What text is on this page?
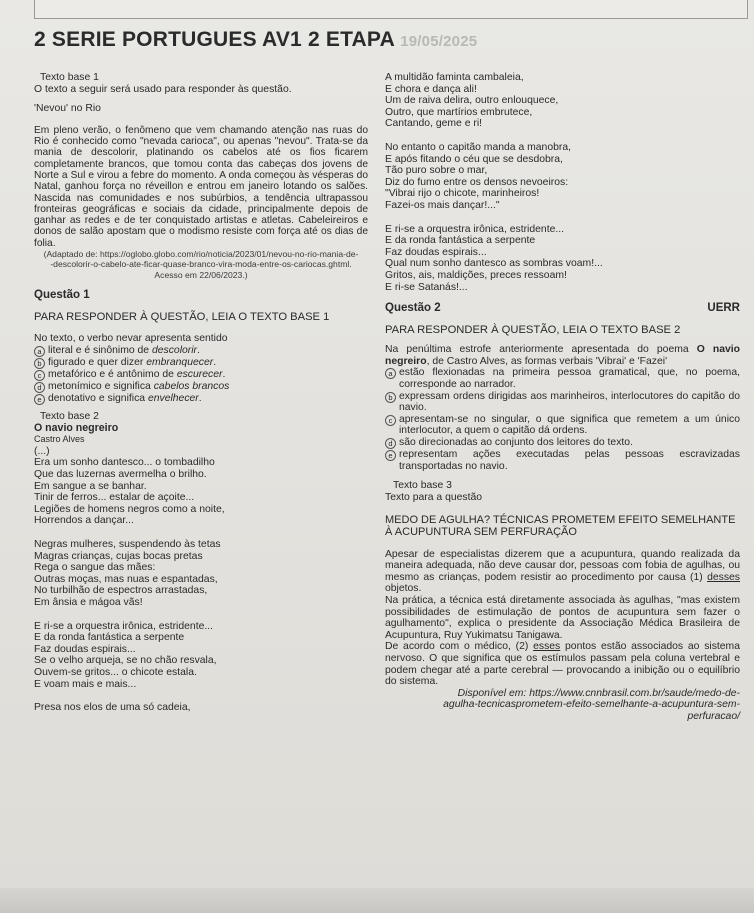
2 SERIE PORTUGUES AV1 2 ETAPA 19/05/2025

Texto base 1

O texto a seguir será usado para responder às questão.

'Nevou' no Rio

Em pleno verão, o fenômeno que vem chamando atenção nas ruas do Rio é conhecido como "nevada carioca", ou apenas "nevou". Trata-se da mania de descolorir, platinando os cabelos até os fios ficarem completamente brancos, que tomou conta das cabeças dos jovens de Norte a Sul e virou a febre do momento. A onda começou às vésperas do Natal, ganhou força no réveillon e entrou em janeiro lotando os salões. Nascida nas comunidades e nos subúrbios, a tendência ultrapassou fronteiras geográficas e sociais da cidade, principalmente depois de ganhar as redes e de ter conquistado artistas e atletas. Cabeleireiros e donos de salão apostam que o modismo resiste com força até os dias de folia.

(Adaptado de: https://oglobo.globo.com/rio/noticia/2023/01/nevou-no-rio-mania-de- -descolorir-o-cabelo-ate-ficar-quase-branco-vira-moda-entre-os-cariocas.ghtml. Acesso em 22/06/2023.)

Questão 1

PARA RESPONDER À QUESTÃO, LEIA O TEXTO BASE 1

No texto, o verbo nevar apresenta sentido

a literal e é sinônimo de descolorir.
b figurado e quer dizer embranquecer.
c metafórico e é antônimo de escurecer.
d metonímico e significa cabelos brancos
e denotativo e significa envelhecer.

Texto base 2

O navio negreiro

Castro Alves

(...)

Era um sonho dantesco... o tombadilho

Que das luzernas avermelha o brilho.

Em sangue a se banhar.

Tinir de ferros... estalar de açoite...

Legiões de homens negros como a noite,

Horrendos a dançar...

Negras mulheres, suspendendo às tetas

Magras crianças, cujas bocas pretas

Rega o sangue das mães:

Outras moças, mas nuas e espantadas,

No turbilhão de espectros arrastadas,

Em ânsia e mágoa vãs!

E ri-se a orquestra irônica, estridente...

E da ronda fantástica a serpente

Faz doudas espirais...

Se o velho arqueja, se no chão resvala,

Ouvem-se gritos... o chicote estala.

E voam mais e mais...

Presa nos elos de uma só cadeia,

A multidão faminta cambaleia,

E chora e dança ali!

Um de raiva delira, outro enlouquece,

Outro, que martírios embrutece,

Cantando, geme e ri!

No entanto o capitão manda a manobra,

E após fitando o céu que se desdobra,

Tão puro sobre o mar,

Diz do fumo entre os densos nevoeiros:

"Vibrai rijo o chicote, marinheiros!

Fazei-os mais dançar!..."

E ri-se a orquestra irônica, estridente...

E da ronda fantástica a serpente

Faz doudas espirais...

Qual num sonho dantesco as sombras voam!...

Gritos, ais, maldições, preces ressoam!

E ri-se Satanás!...

Questão 2	UERR

PARA RESPONDER À QUESTÃO, LEIA O TEXTO BASE 2

Na penúltima estrofe anteriormente apresentada do poema O navio negreiro, de Castro Alves, as formas verbais 'Vibrai' e 'Fazei'

a estão flexionadas na primeira pessoa gramatical, que, no poema, corresponde ao narrador.
b expressam ordens dirigidas aos marinheiros, interlocutores do capitão do navio.
c apresentam-se no singular, o que significa que remetem a um único interlocutor, a quem o capitão dá ordens.
d são direcionadas ao conjunto dos leitores do texto.
e representam ações executadas pelas pessoas escravizadas transportadas no navio.

Texto base 3

Texto para a questão

MEDO DE AGULHA? TÉCNICAS PROMETEM EFEITO SEMELHANTE À ACUPUNTURA SEM PERFURAÇÃO

Apesar de especialistas dizerem que a acupuntura, quando realizada da maneira adequada, não deve causar dor, pessoas com fobia de agulhas, ou mesmo as crianças, podem resistir ao procedimento por causa (1) desses objetos.

Na prática, a técnica está diretamente associada às agulhas, "mas existem possibilidades de estimulação de pontos de acupuntura sem fazer o agulhamento", explica o presidente da Associação Médica Brasileira de Acupuntura, Ruy Yukimatsu Tanigawa.

De acordo com o médico, (2) esses pontos estão associados ao sistema nervoso. O que significa que os estímulos passam pela coluna vertebral e podem chegar até a parte cerebral — provocando a inibição ou o equilíbrio do sistema.

Disponível em: https://www.cnnbrasil.com.br/saude/medo-de-agulha-tecnicasprometem-efeito-semelhante-a-acupuntura-sem-perfuracao/
